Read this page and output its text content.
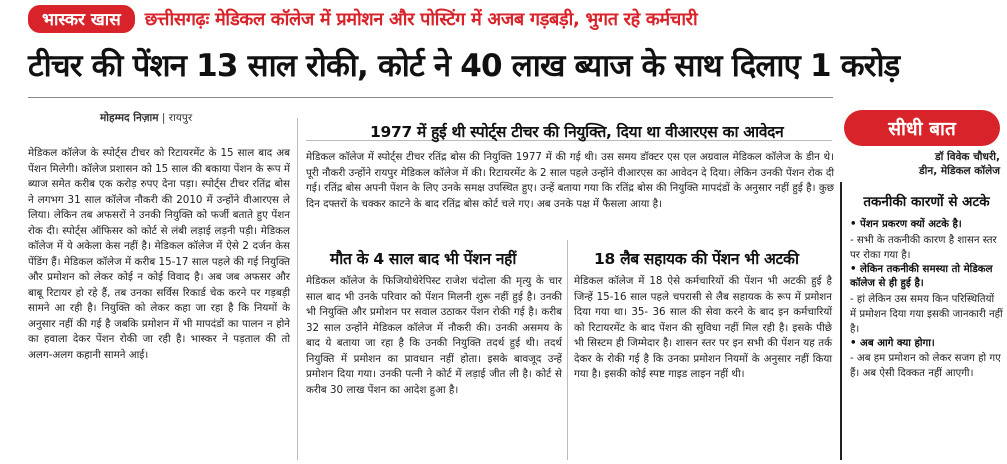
भास्कर खास	छत्तीसगढ़ः मेडिकल कॉलेज में प्रमोशन और पोस्टिंग में अजब गड़बड़ी, भुगत रहे कर्मचारी
टीचर की पेंशन 13 साल रोकी, कोर्ट ने 40 लाख ब्याज के साथ दिलाए 1 करोड़
मोहम्मद निज़ाम | रायपुर

मेडिकल कॉलेज के स्पोर्ट्स टीचर को रिटायरमेंट के 15 साल बाद अब पेंशन मिलेगी। कॉलेज प्रशासन को 15 साल की बकाया पेंशन के रूप में ब्याज समेत करीब एक करोड़ रुपए देना पड़ा। स्पोर्ट्स टीचर रतिंद्र बोस ने लगभग 31 साल कॉलेज नौकरी की 2010 में उन्होंने वीआरएस ले लिया। लेकिन तब अफसरों ने उनकी नियुक्ति को फर्जी बताते हुए पेंशन रोक दी। स्पोर्ट्स ऑफिसर को कोर्ट से लंबी लड़ाई लड़नी पड़ी। मेडिकल कॉलेज में ये अकेला केस नहीं है। मेडिकल कॉलेज में ऐसे 2 दर्जन केस पेंडिंग हैं। मेडिकल कॉलेज में करीब 15-17 साल पहले की गई नियुक्ति और प्रमोशन को लेकर कोई न कोई विवाद है। अब जब अफसर और बाबू रिटायर हो रहे हैं, तब उनका सर्विस रिकार्ड चेक करने पर गड़बड़ी सामने आ रही है। नियुक्ति को लेकर कहा जा रहा है कि नियमों के अनुसार नहीं की गई है जबकि प्रमोशन में भी मापदंडों का पालन न होने का हवाला देकर पेंशन रोकी जा रही है। भास्कर ने पड़ताल की तो अलग-अलग कहानी सामने आई।

1977 में हुई थी स्पोर्ट्स टीचर की नियुक्ति, दिया था वीआरएस का आवेदन

मेडिकल कॉलेज में स्पोर्ट्स टीचर रतिंद्र बोस की नियुक्ति 1977 में की गई थी। उस समय डॉक्टर एस एल अग्रवाल मेडिकल कॉलेज के डीन थे। पूरी नौकरी उन्होंने रायपुर मेडिकल कॉलेज में की। रिटायरमेंट के 2 साल पहले उन्होंने वीआरएस का आवेदन दे दिया। लेकिन उनकी पेंशन रोक दी गई। रतिंद्र बोस अपनी पेंशन के लिए उनके समक्ष उपस्थित हुए। उन्हें बताया गया कि रतिंद्र बोस की नियुक्ति मापदंडों के अनुसार नहीं हुई है। कुछ दिन दफ्तरों के चक्कर काटने के बाद रतिंद्र बोस कोर्ट चले गए। अब उनके पक्ष में फैसला आया है।

मौत के 4 साल बाद भी पेंशन नहीं

मेडिकल कॉलेज के फिजियोथेरेपिस्ट राजेश चंदोला की मृत्यु के चार साल बाद भी उनके परिवार को पेंशन मिलनी शुरू नहीं हुई है। उनकी भी नियुक्ति और प्रमोशन पर सवाल उठाकर पेंशन रोकी गई है। करीब 32 साल उन्होंने मेडिकल कॉलेज में नौकरी की। उनकी असमय के बाद ये बताया जा रहा है कि उनकी नियुक्ति तदर्थ हुई थी। तदर्थ नियुक्ति में प्रमोशन का प्रावधान नहीं होता। इसके बावजूद उन्हें प्रमोशन दिया गया। उनकी पत्नी ने कोर्ट में लड़ाई जीत ली है। कोर्ट से करीब 30 लाख पेंशन का आदेश हुआ है।

18 लैब सहायक की पेंशन भी अटकी

मेडिकल कॉलेज में 18 ऐसे कर्मचारियों की पेंशन भी अटकी हुई है जिन्हें 15-16 साल पहले चपरासी से लैब सहायक के रूप में प्रमोशन दिया गया था। 35- 36 साल की सेवा करने के बाद इन कर्मचारियों को रिटायरमेंट के बाद पेंशन की सुविधा नहीं मिल रही है। इसके पीछे भी सिस्टम ही जिम्मेदार है। शासन स्तर पर इन सभी की पेंशन यह तर्क देकर के रोकी गई है कि उनका प्रमोशन नियमों के अनुसार नहीं किया गया है। इसकी कोई स्पष्ट गाइड लाइन नहीं थी।

सीधी बात
डॉ विवेक चौधरी,
डीन, मेडिकल कॉलेज
तकनीकी कारणों से अटके
• पेंशन प्रकरण क्यों अटके है।
- सभी के तकनीकी कारण है शासन स्तर पर रोका गया है।
• लेकिन तकनीकी समस्या तो मेडिकल कॉलेज से ही हुई है।
- हां लेकिन उस समय किन परिस्थितियों में प्रमोशन दिया गया इसकी जानकारी नहीं है।
• अब आगे क्या होगा।
- अब हम प्रमोशन को लेकर सजग हो गए हैं। अब ऐसी दिक्कत नहीं आएगी।
